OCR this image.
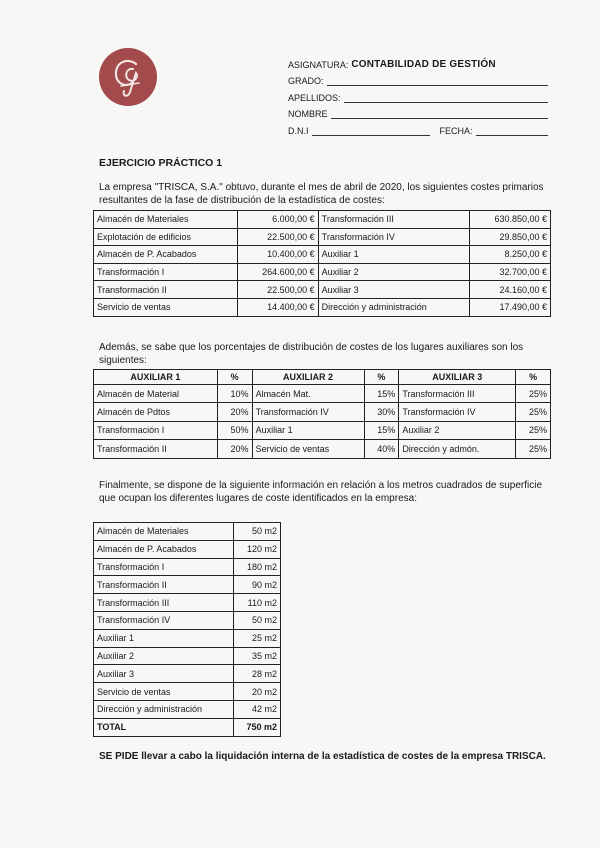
ASIGNATURA: CONTABILIDAD DE GESTIÓN
GRADO:
APELLIDOS:
NOMBRE
D.N.I	FECHA:
EJERCICIO PRÁCTICO 1
La empresa "TRISCA, S.A." obtuvo, durante el mes de abril de 2020, los siguientes costes primarios resultantes de la fase de distribución de la estadística de costes:
Almacén de Materiales	6.000,00 €	Transformación III	630.850,00 €
Explotación de edificios	22.500,00 €	Transformación IV	29.850,00 €
Almacén de P. Acabados	10.400,00 €	Auxiliar 1	8.250,00 €
Transformación I	264.600,00 €	Auxiliar 2	32.700,00 €
Transformación II	22.500,00 €	Auxiliar 3	24.160,00 €
Servicio de ventas	14.400,00 €	Dirección y administración	17.490,00 €
Además, se sabe que los porcentajes de distribución de costes de los lugares auxiliares son los siguientes:
AUXILIAR 1	%	AUXILIAR 2	%	AUXILIAR 3	%
Almacén de Material	10%	Almacén Mat.	15%	Transformación III	25%
Almacén de Pdtos	20%	Transformación IV	30%	Transformación IV	25%
Transformación I	50%	Auxiliar 1	15%	Auxiliar 2	25%
Transformación II	20%	Servicio de ventas	40%	Dirección y admón.	25%
Finalmente, se dispone de la siguiente información en relación a los metros cuadrados de superficie que ocupan los diferentes lugares de coste identificados en la empresa:
Almacén de Materiales	50 m2
Almacén de P. Acabados	120 m2
Transformación I	180 m2
Transformación II	90 m2
Transformación III	110 m2
Transformación IV	50 m2
Auxiliar 1	25 m2
Auxiliar 2	35 m2
Auxiliar 3	28 m2
Servicio de ventas	20 m2
Dirección y administración	42 m2
TOTAL	750 m2
SE PIDE llevar a cabo la liquidación interna de la estadística de costes de la empresa TRISCA.
